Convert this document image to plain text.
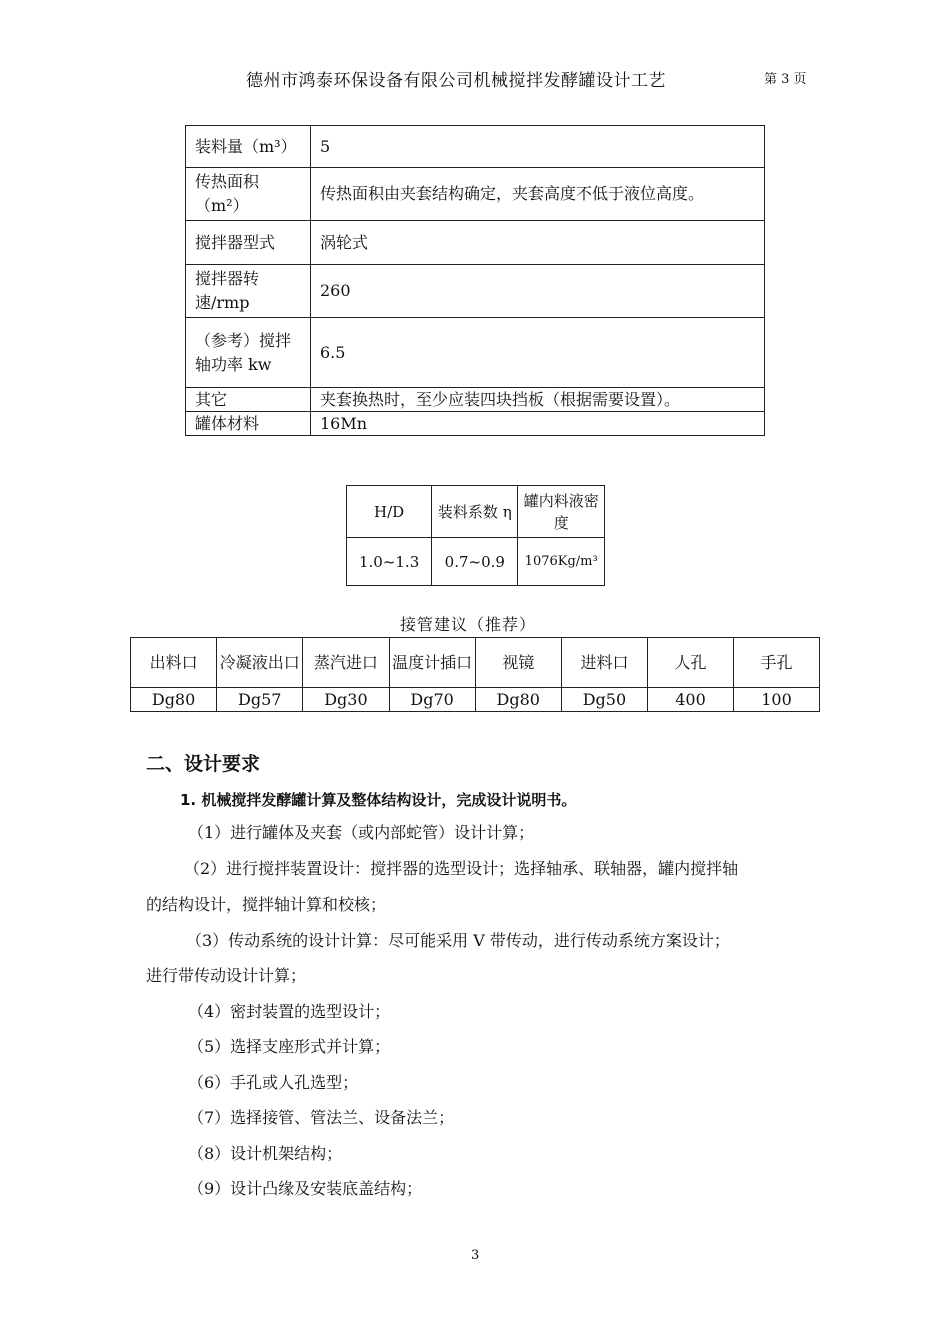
德州市鸿泰环保设备有限公司机械搅拌发酵罐设计工艺	第 3 页
装料量（m³）	5
传热面积（m²）	传热面积由夹套结构确定，夹套高度不低于液位高度。
搅拌器型式	涡轮式
搅拌器转速/rmp	260
（参考）搅拌轴功率 kw	6.5
其它	夹套换热时，至少应装四块挡板（根据需要设置）。
罐体材料	16Mn
H/D	装料系数 η	罐内料液密度
1.0~1.3	0.7~0.9	1076Kg/m³
接管建议（推荐）
出料口	冷凝液出口	蒸汽进口	温度计插口	视镜	进料口	人孔	手孔
Dg80	Dg57	Dg30	Dg70	Dg80	Dg50	400	100
二、设计要求
1. 机械搅拌发酵罐计算及整体结构设计，完成设计说明书。
（1）进行罐体及夹套（或内部蛇管）设计计算；
（2）进行搅拌装置设计：搅拌器的选型设计；选择轴承、联轴器，罐内搅拌轴
的结构设计，搅拌轴计算和校核；
（3）传动系统的设计计算：尽可能采用 V 带传动，进行传动系统方案设计；
进行带传动设计计算；
（4）密封装置的选型设计；
（5）选择支座形式并计算；
（6）手孔或人孔选型；
（7）选择接管、管法兰、设备法兰；
（8）设计机架结构；
（9）设计凸缘及安装底盖结构；
3
